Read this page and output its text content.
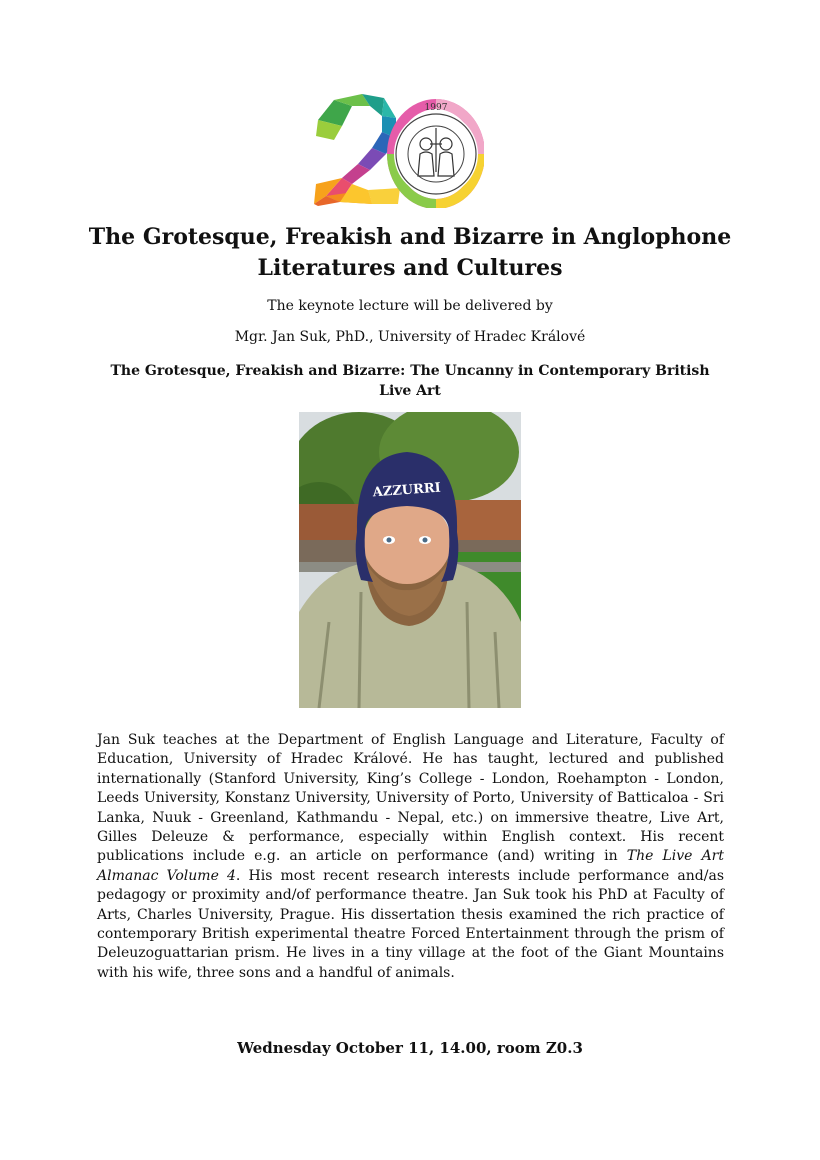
1997
The Grotesque, Freakish and Bizarre in Anglophone
Literatures and Cultures
The keynote lecture will be delivered by
Mgr. Jan Suk, PhD., University of Hradec Králové
The Grotesque, Freakish and Bizarre: The Uncanny in Contemporary British Live Art
AZZURRI

Jan Suk teaches at the Department of English Language and Literature, Faculty of Education, University of Hradec Králové. He has taught, lectured and published internationally (Stanford University, King’s College - London, Roehampton - London, Leeds University, Konstanz University, University of Porto, University of Batticaloa - Sri Lanka, Nuuk - Greenland, Kathmandu - Nepal, etc.) on immersive theatre, Live Art, Gilles Deleuze & performance, especially within English context. His recent publications include e.g. an article on performance (and) writing in The Live Art Almanac Volume 4. His most recent research interests include performance and/as pedagogy or proximity and/of performance theatre. Jan Suk took his PhD at Faculty of Arts, Charles University, Prague. His dissertation thesis examined the rich practice of contemporary British experimental theatre Forced Entertainment through the prism of Deleuzoguattarian prism. He lives in a tiny village at the foot of the Giant Mountains with his wife, three sons and a handful of animals.

Wednesday October 11, 14.00, room Z0.3
